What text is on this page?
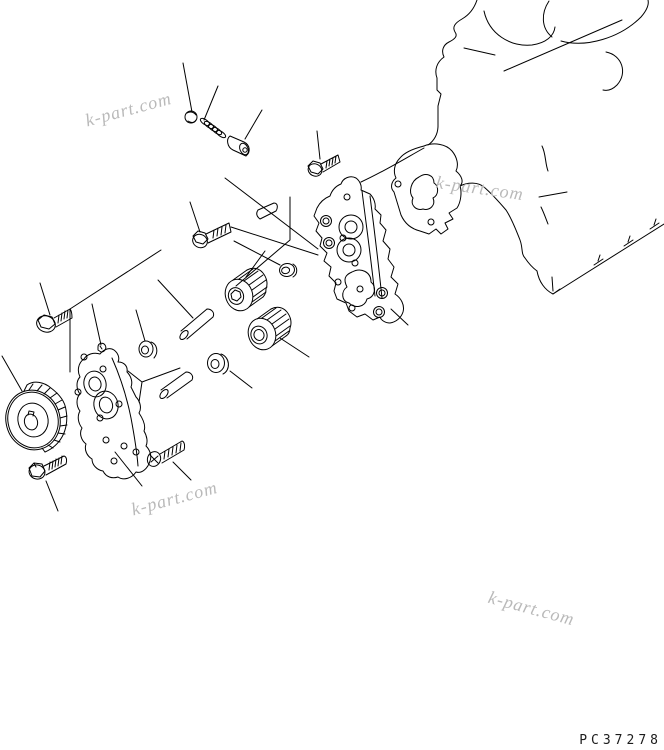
k-part.com
k-part.com
k-part.com
k-part.com
PC37278
